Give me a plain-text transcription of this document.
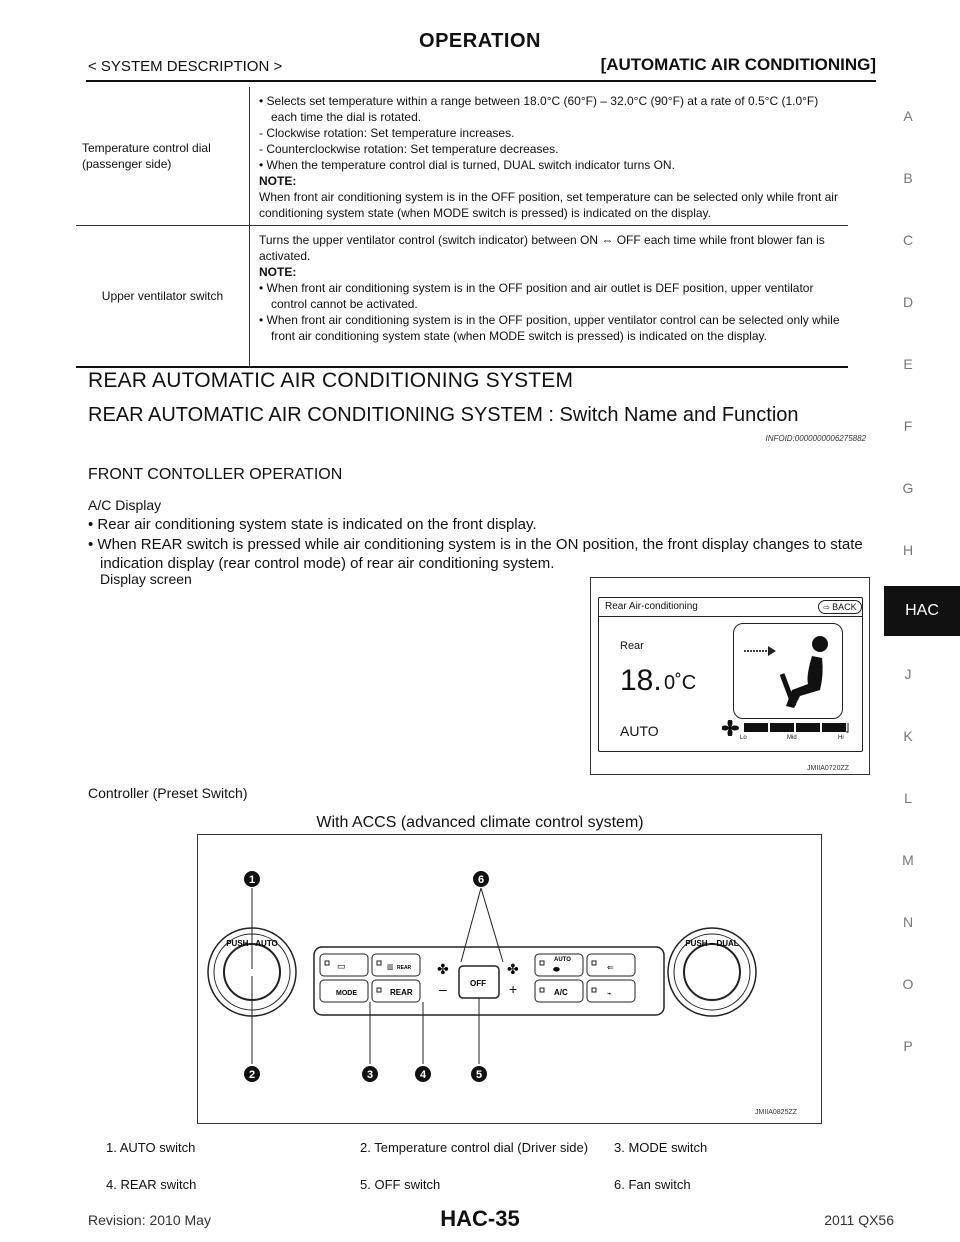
OPERATION
< SYSTEM DESCRIPTION >	[AUTOMATIC AIR CONDITIONING]
A
B
C
D
E
F
G
H
HAC
J
K
L
M
N
O
P
Temperature control dial
(passenger side)
• Selects set temperature within a range between 18.0°C (60°F) – 32.0°C (90°F) at a rate of 0.5°C (1.0°F) each time the dial is rotated.
- Clockwise rotation: Set temperature increases.
- Counterclockwise rotation: Set temperature decreases.
• When the temperature control dial is turned, DUAL switch indicator turns ON.
NOTE:
When front air conditioning system is in the OFF position, set temperature can be selected only while front air conditioning system state (when MODE switch is pressed) is indicated on the display.
Upper ventilator switch
Turns the upper ventilator control (switch indicator) between ON ⇔ OFF each time while front blower fan is activated.
NOTE:
• When front air conditioning system is in the OFF position and air outlet is DEF position, upper ventilator control cannot be activated.
• When front air conditioning system is in the OFF position, upper ventilator control can be selected only while front air conditioning system state (when MODE switch is pressed) is indicated on the display.
REAR AUTOMATIC AIR CONDITIONING SYSTEM
REAR AUTOMATIC AIR CONDITIONING SYSTEM : Switch Name and Function
INFOID:0000000006275882
FRONT CONTOLLER OPERATION
A/C Display
• Rear air conditioning system state is indicated on the front display.
• When REAR switch is pressed while air conditioning system is in the ON position, the front display changes to state indication display (rear control mode) of rear air conditioning system.
Display screen
Controller (Preset Switch)
With ACCS (advanced climate control system)
Rear Air-conditioning	⇨ BACK
Rear
18. 0˚C
AUTO	Lo	Mid	Hi
JMIIA0720ZZ
PUSH · AUTO	PUSH – DUAL
▭	▥ REAR
MODE	REAR
✤
–	OFF
✤
+
AUTO
⬬	⇐
A/C	⌁
1
2	3	4	5
6
JMIIA0825ZZ
1. AUTO switch	2. Temperature control dial (Driver side)	3. MODE switch
4. REAR switch	5. OFF switch	6. Fan switch
Revision: 2010 May	HAC-35	2011 QX56
